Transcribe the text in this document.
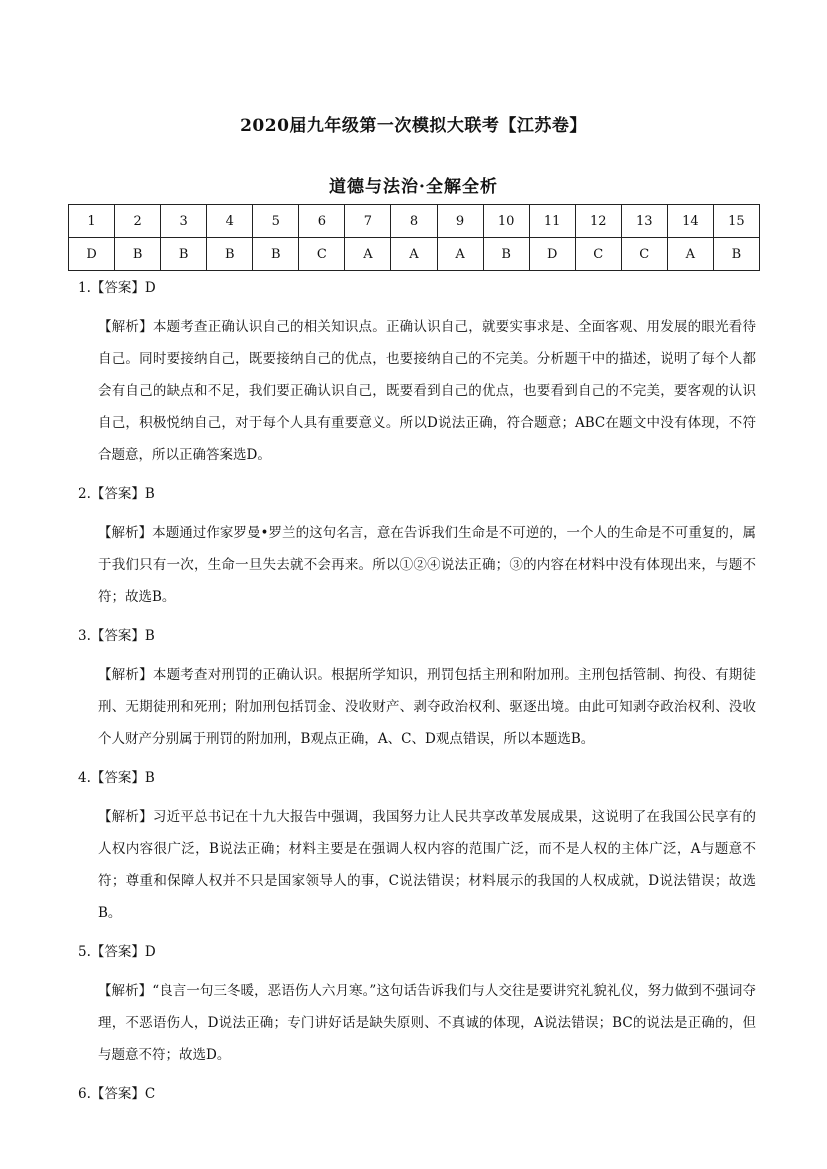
2020届九年级第一次模拟大联考【江苏卷】
道德与法治·全解全析
1	2	3	4	5	6	7	8	9	10	11	12	13	14	15
D	B	B	B	B	C	A	A	A	B	D	C	C	A	B
1.【答案】D
【解析】本题考查正确认识自己的相关知识点。正确认识自己，就要实事求是、全面客观、用发展的眼光看待自己。同时要接纳自己，既要接纳自己的优点，也要接纳自己的不完美。分析题干中的描述，说明了每个人都会有自己的缺点和不足，我们要正确认识自己，既要看到自己的优点，也要看到自己的不完美，要客观的认识自己，积极悦纳自己，对于每个人具有重要意义。所以D说法正确，符合题意；ABC在题文中没有体现，不符合题意，所以正确答案选D。
2.【答案】B
【解析】本题通过作家罗曼•罗兰的这句名言，意在告诉我们生命是不可逆的，一个人的生命是不可重复的，属于我们只有一次，生命一旦失去就不会再来。所以①②④说法正确；③的内容在材料中没有体现出来，与题不符；故选B。
3.【答案】B
【解析】本题考查对刑罚的正确认识。根据所学知识，刑罚包括主刑和附加刑。主刑包括管制、拘役、有期徒刑、无期徒刑和死刑；附加刑包括罚金、没收财产、剥夺政治权利、驱逐出境。由此可知剥夺政治权利、没收个人财产分别属于刑罚的附加刑，B观点正确，A、C、D观点错误，所以本题选B。
4.【答案】B
【解析】习近平总书记在十九大报告中强调，我国努力让人民共享改革发展成果，这说明了在我国公民享有的人权内容很广泛，B说法正确；材料主要是在强调人权内容的范围广泛，而不是人权的主体广泛，A与题意不符；尊重和保障人权并不只是国家领导人的事，C说法错误；材料展示的我国的人权成就，D说法错误；故选B。
5.【答案】D
【解析】“良言一句三冬暖，恶语伤人六月寒。”这句话告诉我们与人交往是要讲究礼貌礼仪，努力做到不强词夺理，不恶语伤人，D说法正确；专门讲好话是缺失原则、不真诚的体现，A说法错误；BC的说法是正确的，但与题意不符；故选D。
6.【答案】C
